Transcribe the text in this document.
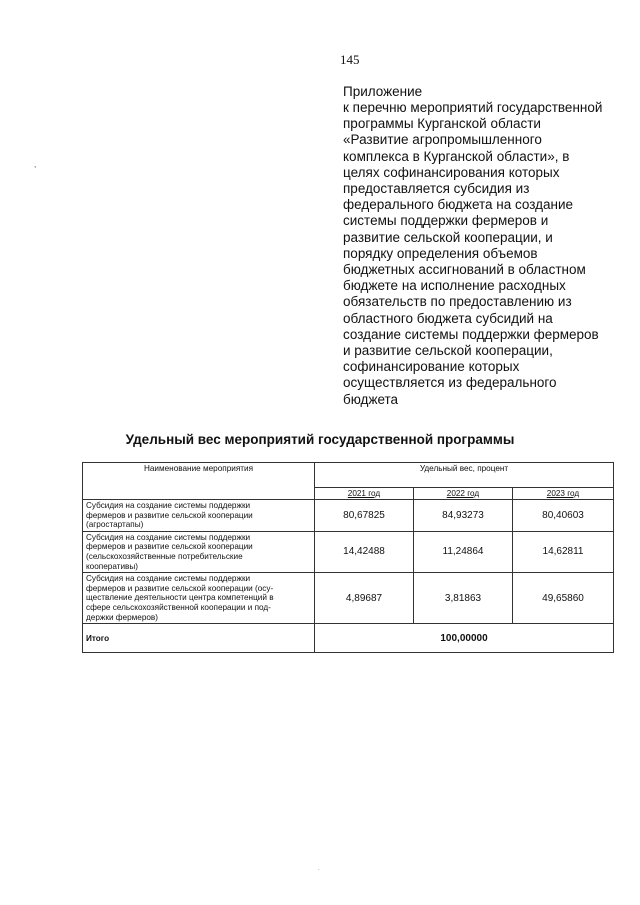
145
Приложение
к перечню мероприятий государственной
программы Курганской области
«Развитие агропромышленного
комплекса в Курганской области», в
целях софинансирования которых
предоставляется субсидия из
федерального бюджета на создание
системы поддержки фермеров и
развитие сельской кооперации, и
порядку определения объемов
бюджетных ассигнований в областном
бюджете на исполнение расходных
обязательств по предоставлению из
областного бюджета субсидий на
создание системы поддержки фермеров
и развитие сельской кооперации,
софинансирование которых
осуществляется из федерального
бюджета
,
Удельный вес мероприятий государственной программы
Наименование мероприятия	Удельный вес, процент		
	2021 год	2022 год	2023 год

Субсидия на создание системы поддержки
фермеров и развитие сельской кооперации
(агростартапы)	80,67825	84,93273	80,40603

Субсидия на создание системы поддержки
фермеров и развитие сельской кооперации
(сельскохозяйственные потребительские
кооперативы)	14,42488	11,24864	14,62811

Субсидия на создание системы поддержки
фермеров и развитие сельской кооперации (осу-
ществление деятельности центра компетенций в
сфере сельскохозяйственной кооперации и под-
держки фермеров)	4,89687	3,81863	49,65860
Итого	100,00000		
.
